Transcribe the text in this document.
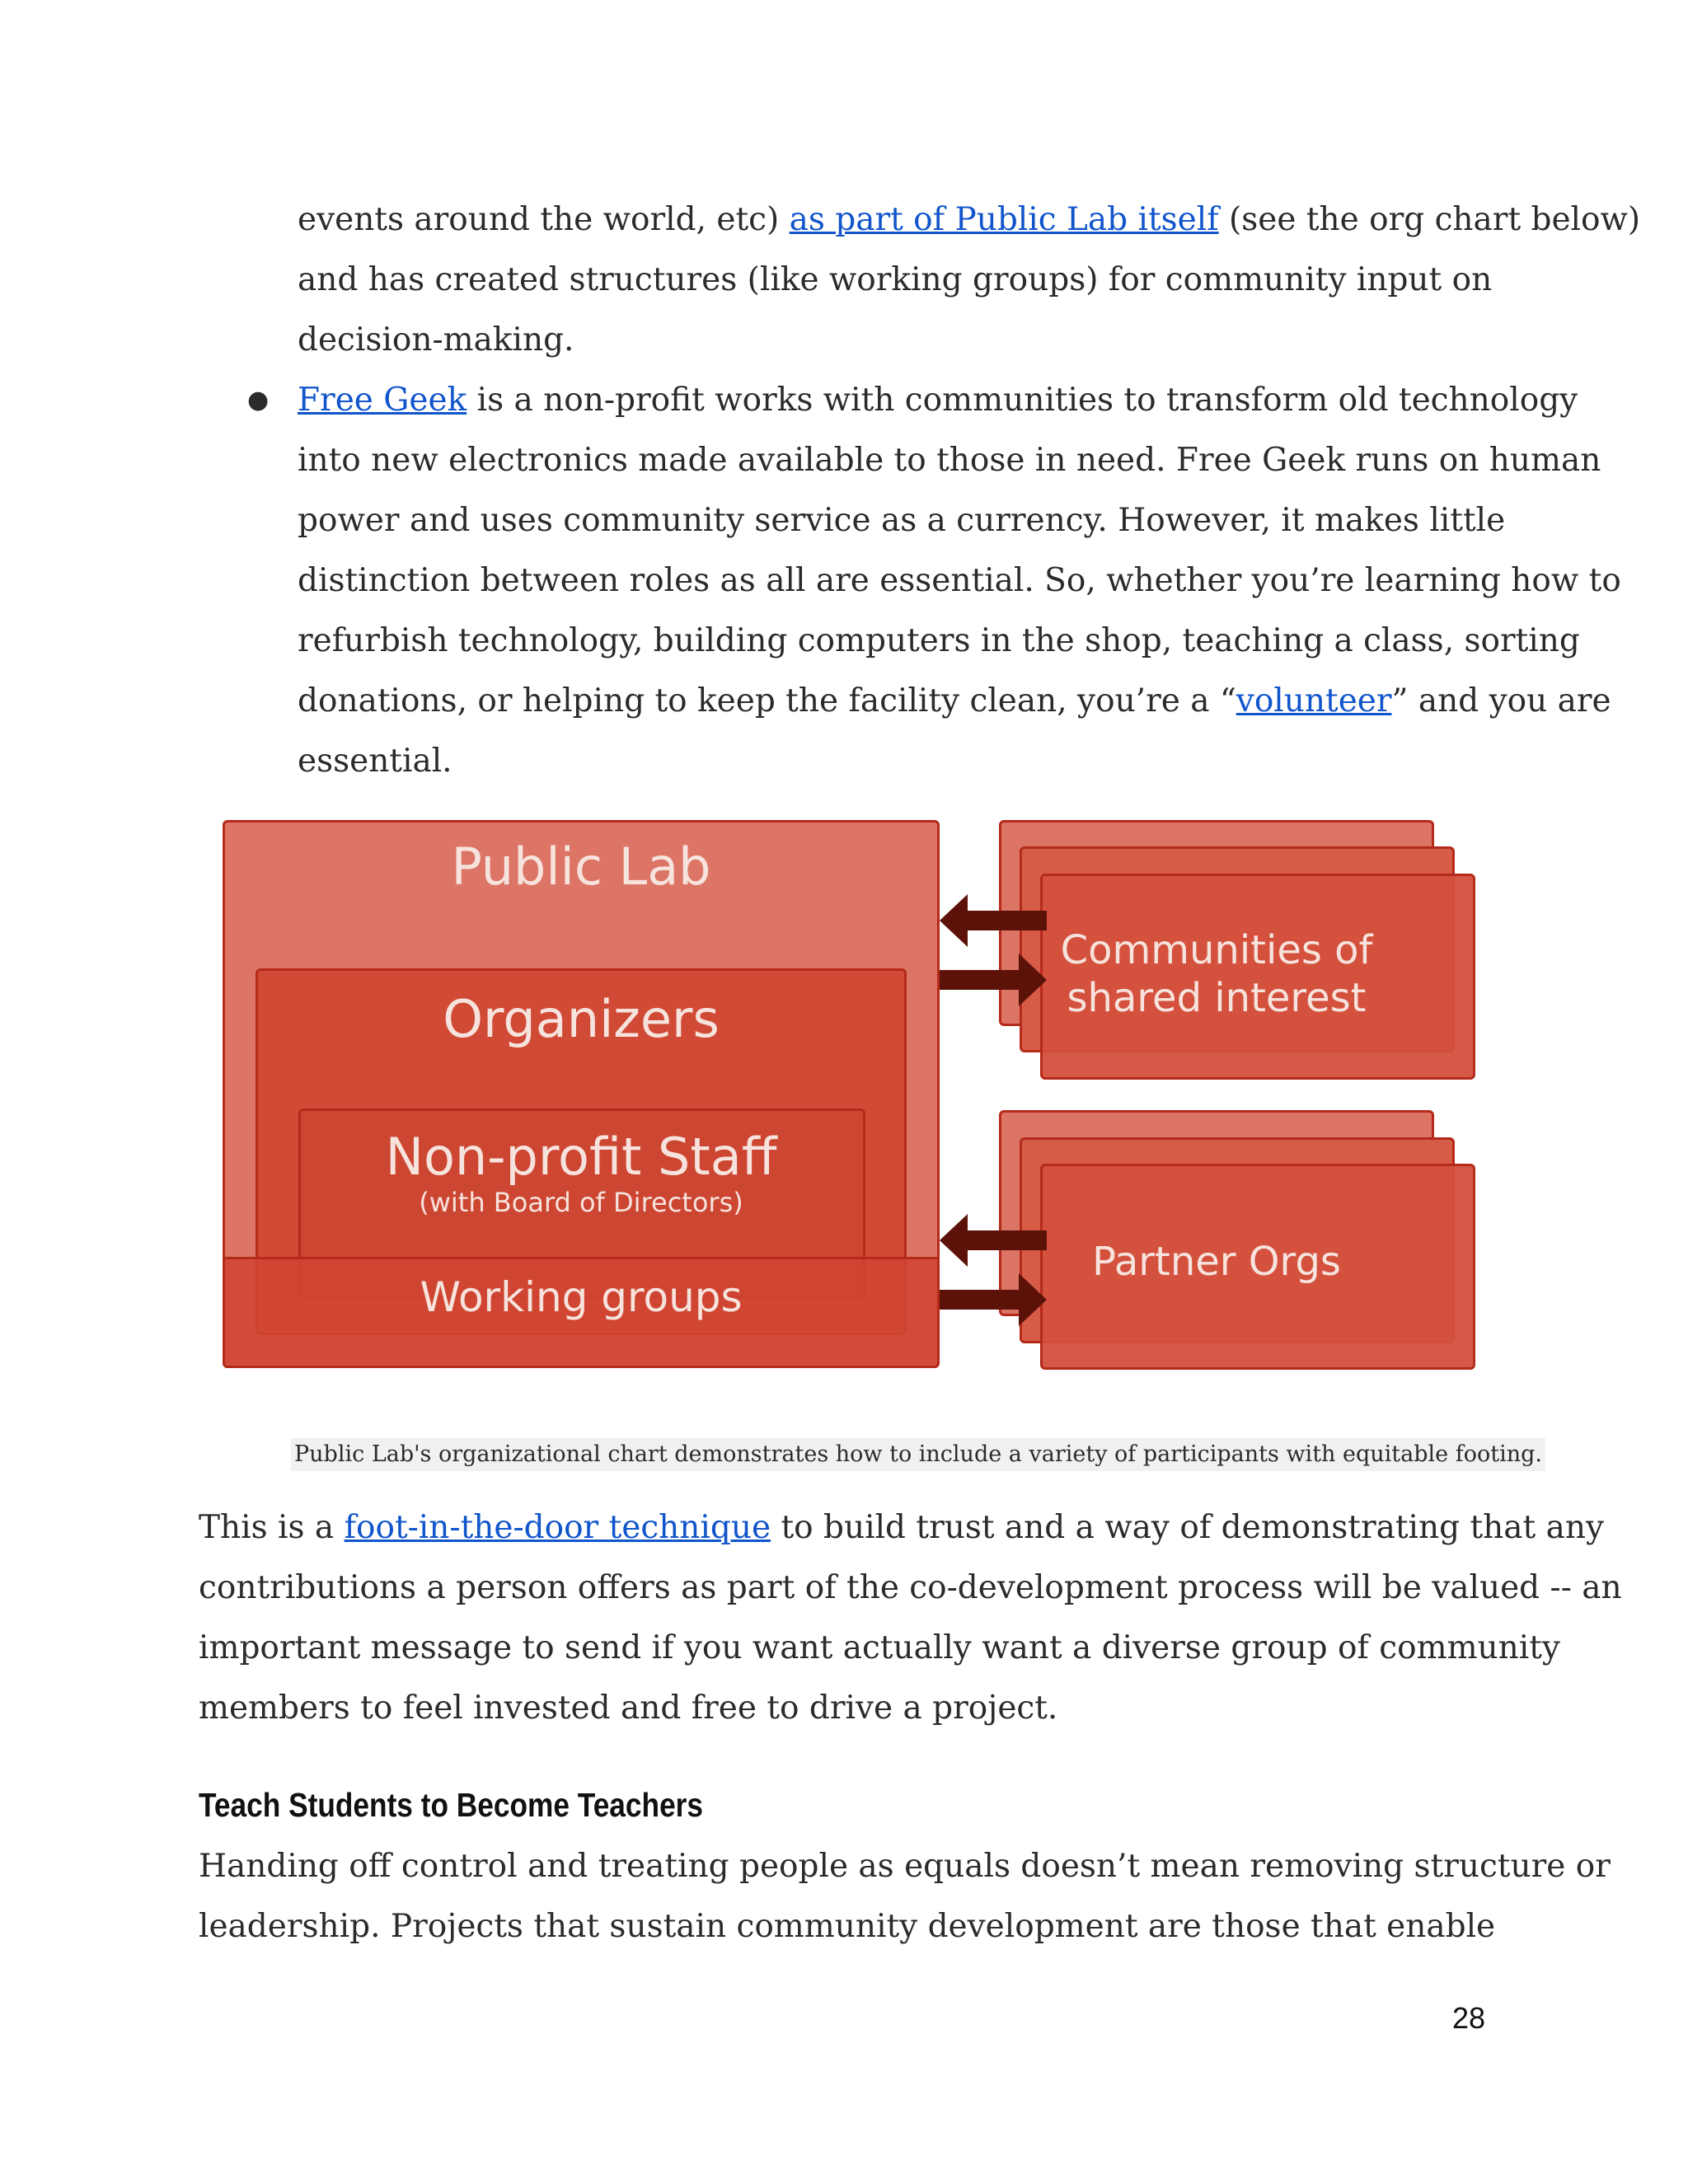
events around the world, etc) as part of Public Lab itself (see the org chart below)

and has created structures (like working groups) for community input on

decision-making.

● Free Geek is a non-profit works with communities to transform old technology

into new electronics made available to those in need. Free Geek runs on human

power and uses community service as a currency. However, it makes little

distinction between roles as all are essential. So, whether you’re learning how to

refurbish technology, building computers in the shop, teaching a class, sorting

donations, or helping to keep the facility clean, you’re a “volunteer” and you are

essential.

Public Lab
Organizers
Non-profit Staff
(with Board of Directors)
Working groups
Communities of
shared interest
Partner Orgs
Public Lab's organizational chart demonstrates how to include a variety of participants with equitable footing.

This is a foot-in-the-door technique to build trust and a way of demonstrating that any

contributions a person offers as part of the co-development process will be valued -- an

important message to send if you want actually want a diverse group of community

members to feel invested and free to drive a project.

Teach Students to Become Teachers

Handing off control and treating people as equals doesn’t mean removing structure or

leadership. Projects that sustain community development are those that enable

28
